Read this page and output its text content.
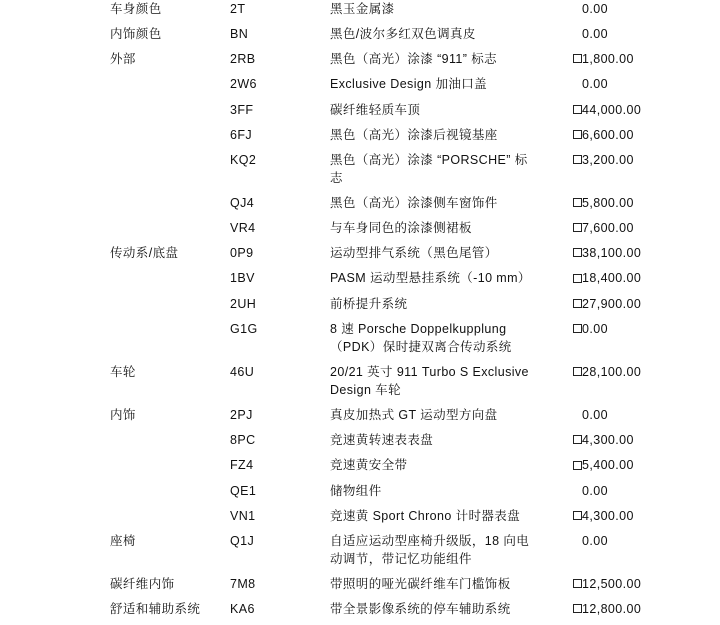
	车身颜色	2T	黑玉金属漆		0.00	
	内饰颜色	BN	黑色/波尔多红双色调真皮		0.00	
	外部	2RB	黑色（高光）涂漆 “911” 标志		1,800.00	
		2W6	Exclusive Design 加油口盖		0.00	
		3FF	碳纤维轻质车顶		44,000.00	
		6FJ	黑色（高光）涂漆后视镜基座		6,600.00	
		KQ2	黑色（高光）涂漆 “PORSCHE” 标志		3,200.00	
		QJ4	黑色（高光）涂漆侧车窗饰件		5,800.00	
		VR4	与车身同色的涂漆侧裙板		7,600.00	
	传动系/底盘	0P9	运动型排气系统（黑色尾管）		38,100.00	
		1BV	PASM 运动型悬挂系统（-10 mm）		18,400.00	
		2UH	前桥提升系统		27,900.00	
		G1G	8 速 Porsche Doppelkupplung（PDK）保时捷双离合传动系统		0.00	
	车轮	46U	20/21 英寸 911 Turbo S Exclusive Design 车轮		28,100.00	
	内饰	2PJ	真皮加热式 GT 运动型方向盘		0.00	
		8PC	竞速黄转速表表盘		4,300.00	
		FZ4	竞速黄安全带		5,400.00	
		QE1	储物组件		0.00	
		VN1	竞速黄 Sport Chrono 计时器表盘		4,300.00	
	座椅	Q1J	自适应运动型座椅升级版，18 向电动调节，带记忆功能组件		0.00	
	碳纤维内饰	7M8	带照明的哑光碳纤维车门槛饰板		12,500.00	
	舒适和辅助系统	KA6	带全景影像系统的停车辅助系统		12,800.00	
